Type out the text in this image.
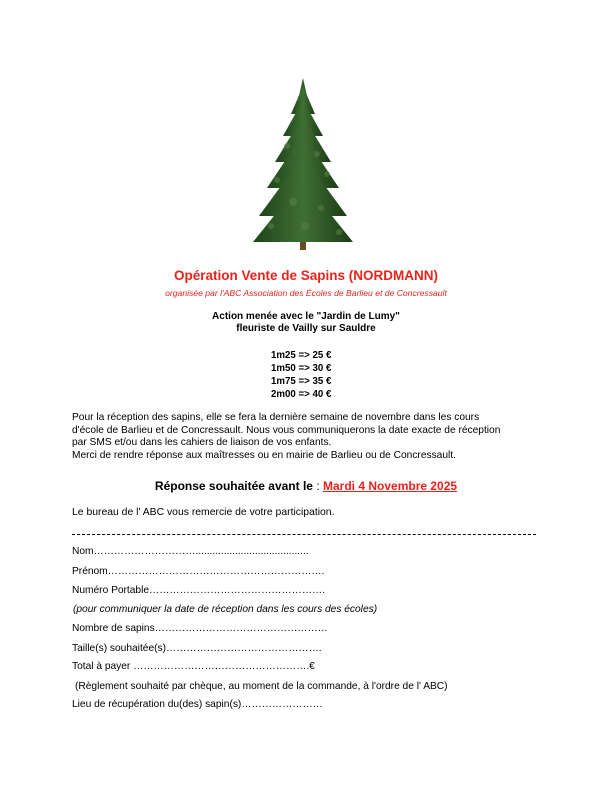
Opération Vente de Sapins (NORDMANN)
organisée par l'ABC Association des Écoles de Barlieu et de Concressault
Action menée avec le "Jardin de Lumy"
fleuriste de Vailly sur Sauldre
1m25 => 25 €
1m50 => 30 €
1m75 => 35 €
2m00 => 40 €
Pour la réception des sapins, elle se fera la dernière semaine de novembre dans les cours
d'école de Barlieu et de Concressault. Nous vous communiquerons la date exacte de réception
par SMS et/ou dans les cahiers de liaison de vos enfants.
Merci de rendre réponse aux maîtresses ou en mairie de Barlieu ou de Concressault.
Réponse souhaitée avant le : Mardi 4 Novembre 2025
Le bureau de l' ABC vous remercie de votre participation.
Nom…………………………........................................
Prénom……………………………………………………….
Numéro Portable…………………………………………….
(pour communiquer la date de réception dans les cours des écoles)
Nombre de sapins……………………………………………
Taille(s) souhaitée(s)……………………………………….
Total à payer …………………………………………….€
(Règlement souhaité par chèque, au moment de la commande, à l'ordre de l' ABC)
Lieu de récupération du(des) sapin(s)……………………
